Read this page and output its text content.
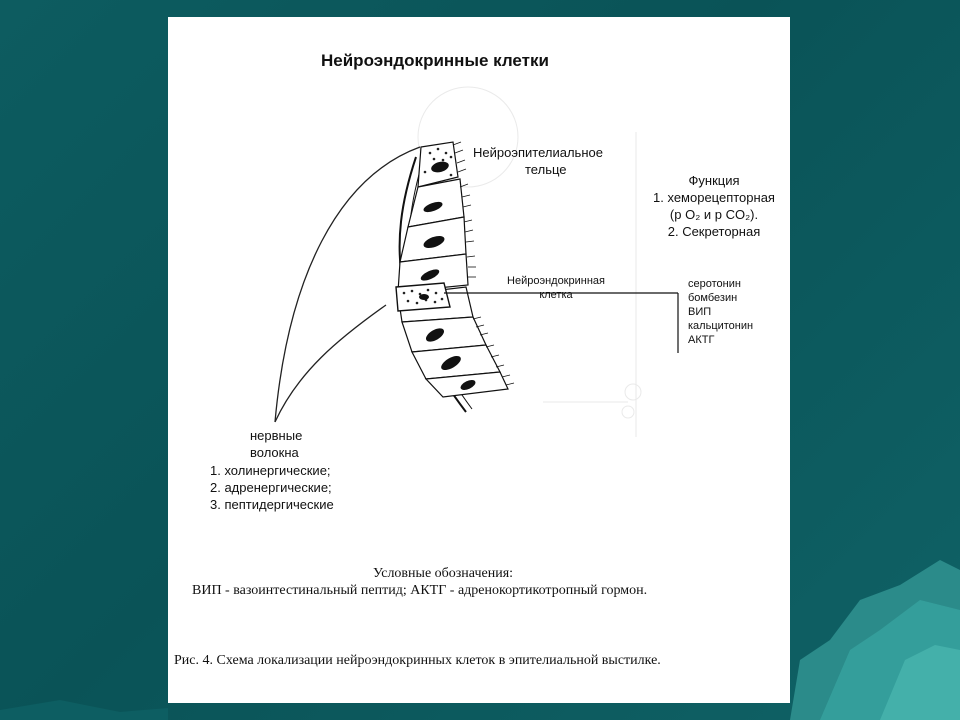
Нейроэндокринные клетки
Нейроэпителиальное
тельце
Функция
1. хеморецепторная
(р O₂ и р CO₂).
2. Секреторная
Нейроэндокринная
клетка
серотонин
бомбезин
ВИП
кальцитонин
АКТГ
нервные
волокна
1. холинергические;
2. адренергические;
3. пептидергические
Условные обозначения:
ВИП - вазоинтестинальный пептид; АКТГ - адренокортикотропный гормон.
Рис. 4. Схема локализации нейроэндокринных клеток в эпителиальной выстилке.
